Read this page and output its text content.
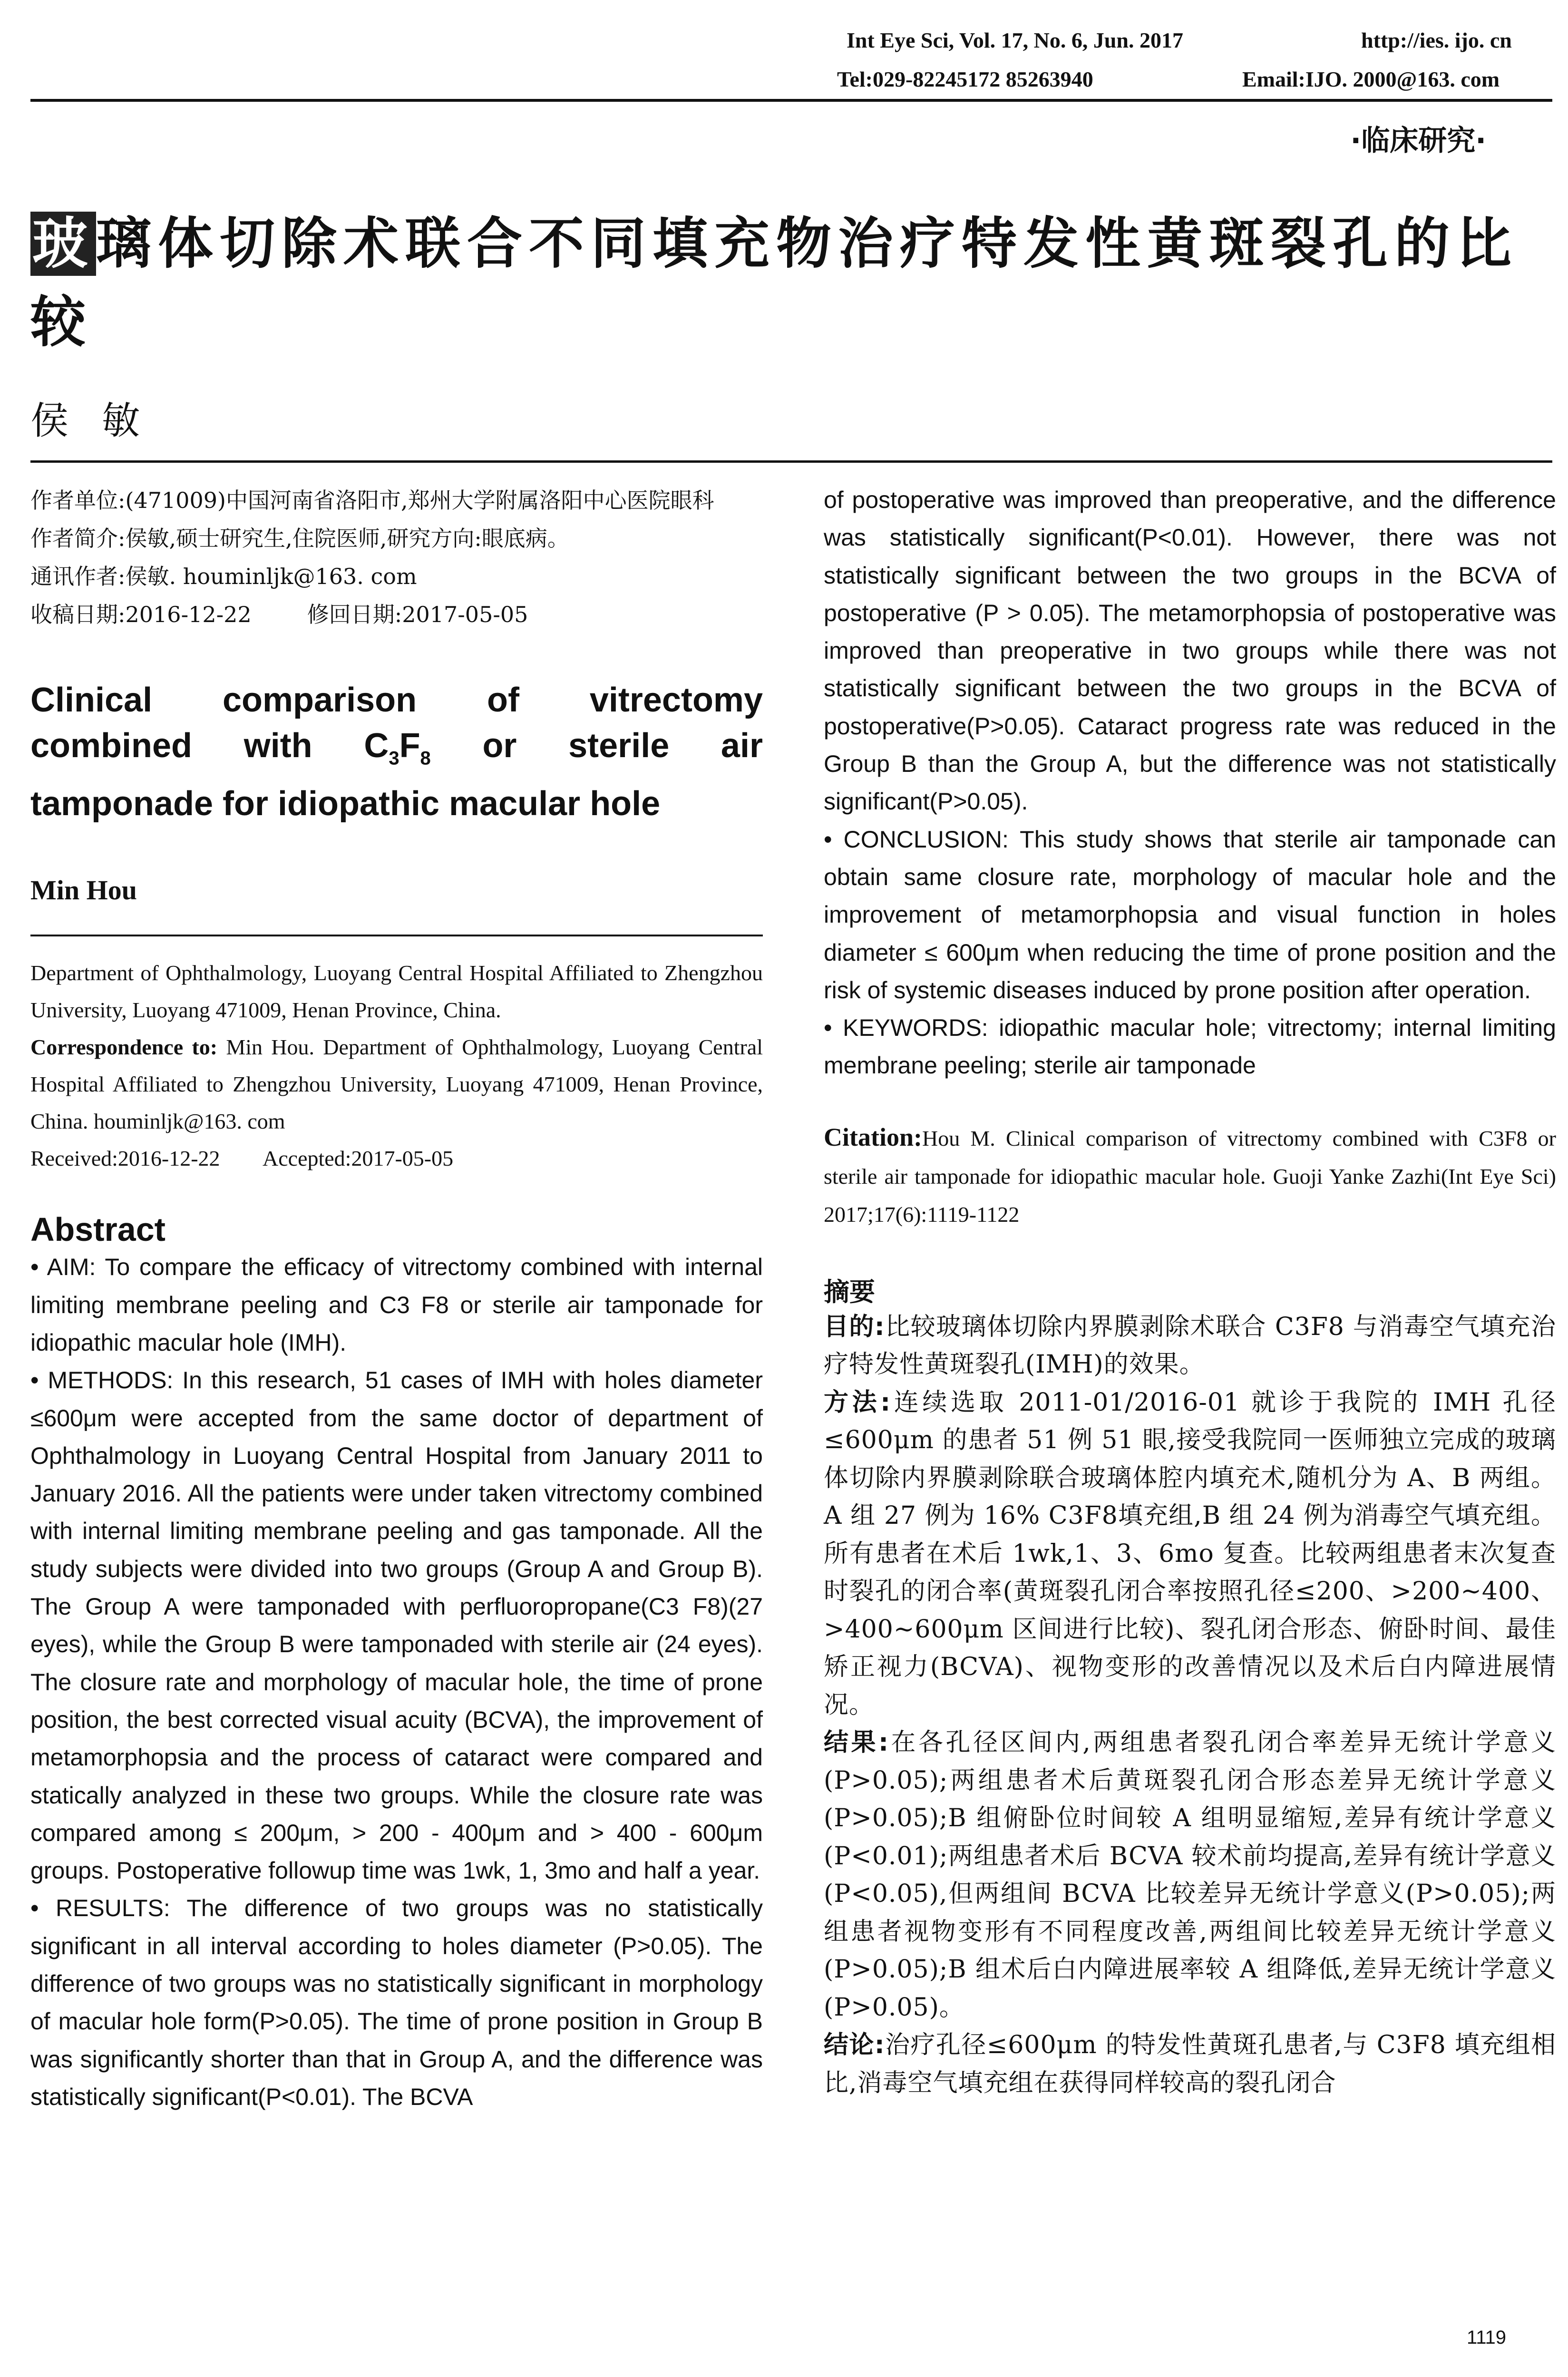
Int Eye Sci, Vol. 17, No. 6, Jun. 2017	http://ies. ijo. cn
Tel:029-82245172 85263940	Email:IJO. 2000@163. com
·临床研究·
玻璃体切除术联合不同填充物治疗特发性黄斑裂孔的比较
侯敏

作者单位:(471009)中国河南省洛阳市,郑州大学附属洛阳中心医院眼科

作者简介:侯敏,硕士研究生,住院医师,研究方向:眼底病。

通讯作者:侯敏. houminljk@163. com

收稿日期:2016-12-22        修回日期:2017-05-05

Clinical comparison of vitrectomy
combined with $C_3F_8$ or sterile air
tamponade for idiopathic macular hole
Min Hou

Department of Ophthalmology, Luoyang Central Hospital Affiliated to Zhengzhou University, Luoyang 471009, Henan Province, China.

Correspondence to: Min Hou. Department of Ophthalmology, Luoyang Central Hospital Affiliated to Zhengzhou University, Luoyang 471009, Henan Province, China. houminljk@163. com

Received:2016-12-22        Accepted:2017-05-05

Abstract

• AIM: To compare the efficacy of vitrectomy combined with internal limiting membrane peeling and C3 F8 or sterile air tamponade for idiopathic macular hole (IMH).

• METHODS: In this research, 51 cases of IMH with holes diameter ≤600μm were accepted from the same doctor of department of Ophthalmology in Luoyang Central Hospital from January 2011 to January 2016. All the patients were under taken vitrectomy combined with internal limiting membrane peeling and gas tamponade. All the study subjects were divided into two groups (Group A and Group B). The Group A were tamponaded with perfluoropropane(C3 F8)(27 eyes), while the Group B were tamponaded with sterile air (24 eyes). The closure rate and morphology of macular hole, the time of prone position, the best corrected visual acuity (BCVA), the improvement of metamorphopsia and the process of cataract were compared and statically analyzed in these two groups. While the closure rate was compared among ≤ 200μm, > 200 - 400μm and > 400 - 600μm groups. Postoperative followup time was 1wk, 1, 3mo and half a year.

• RESULTS: The difference of two groups was no statistically significant in all interval according to holes diameter (P>0.05). The difference of two groups was no statistically significant in morphology of macular hole form(P>0.05). The time of prone position in Group B was significantly shorter than that in Group A, and the difference was statistically significant(P<0.01). The BCVA

of postoperative was improved than preoperative, and the difference was statistically significant(P<0.01). However, there was not statistically significant between the two groups in the BCVA of postoperative (P > 0.05). The metamorphopsia of postoperative was improved than preoperative in two groups while there was not statistically significant between the two groups in the BCVA of postoperative(P>0.05). Cataract progress rate was reduced in the Group B than the Group A, but the difference was not statistically significant(P>0.05).

• CONCLUSION: This study shows that sterile air tamponade can obtain same closure rate, morphology of macular hole and the improvement of metamorphopsia and visual function in holes diameter ≤ 600μm when reducing the time of prone position and the risk of systemic diseases induced by prone position after operation.

• KEYWORDS: idiopathic macular hole; vitrectomy; internal limiting membrane peeling; sterile air tamponade

Citation:Hou M. Clinical comparison of vitrectomy combined with C3F8 or sterile air tamponade for idiopathic macular hole. Guoji Yanke Zazhi(Int Eye Sci) 2017;17(6):1119-1122

摘要

目的:比较玻璃体切除内界膜剥除术联合 C3F8 与消毒空气填充治疗特发性黄斑裂孔(IMH)的效果。

方法:连续选取 2011-01/2016-01 就诊于我院的 IMH 孔径≤600μm 的患者 51 例 51 眼,接受我院同一医师独立完成的玻璃体切除内界膜剥除联合玻璃体腔内填充术,随机分为 A、B 两组。A 组 27 例为 16% C3F8填充组,B 组 24 例为消毒空气填充组。所有患者在术后 1wk,1、3、6mo 复查。比较两组患者末次复查时裂孔的闭合率(黄斑裂孔闭合率按照孔径≤200、>200~400、>400~600μm 区间进行比较)、裂孔闭合形态、俯卧时间、最佳矫正视力(BCVA)、视物变形的改善情况以及术后白内障进展情况。

结果:在各孔径区间内,两组患者裂孔闭合率差异无统计学意义(P>0.05);两组患者术后黄斑裂孔闭合形态差异无统计学意义(P>0.05);B 组俯卧位时间较 A 组明显缩短,差异有统计学意义(P<0.01);两组患者术后 BCVA 较术前均提高,差异有统计学意义(P<0.05),但两组间 BCVA 比较差异无统计学意义(P>0.05);两组患者视物变形有不同程度改善,两组间比较差异无统计学意义(P>0.05);B 组术后白内障进展率较 A 组降低,差异无统计学意义(P>0.05)。

结论:治疗孔径≤600μm 的特发性黄斑孔患者,与 C3F8 填充组相比,消毒空气填充组在获得同样较高的裂孔闭合

1119
